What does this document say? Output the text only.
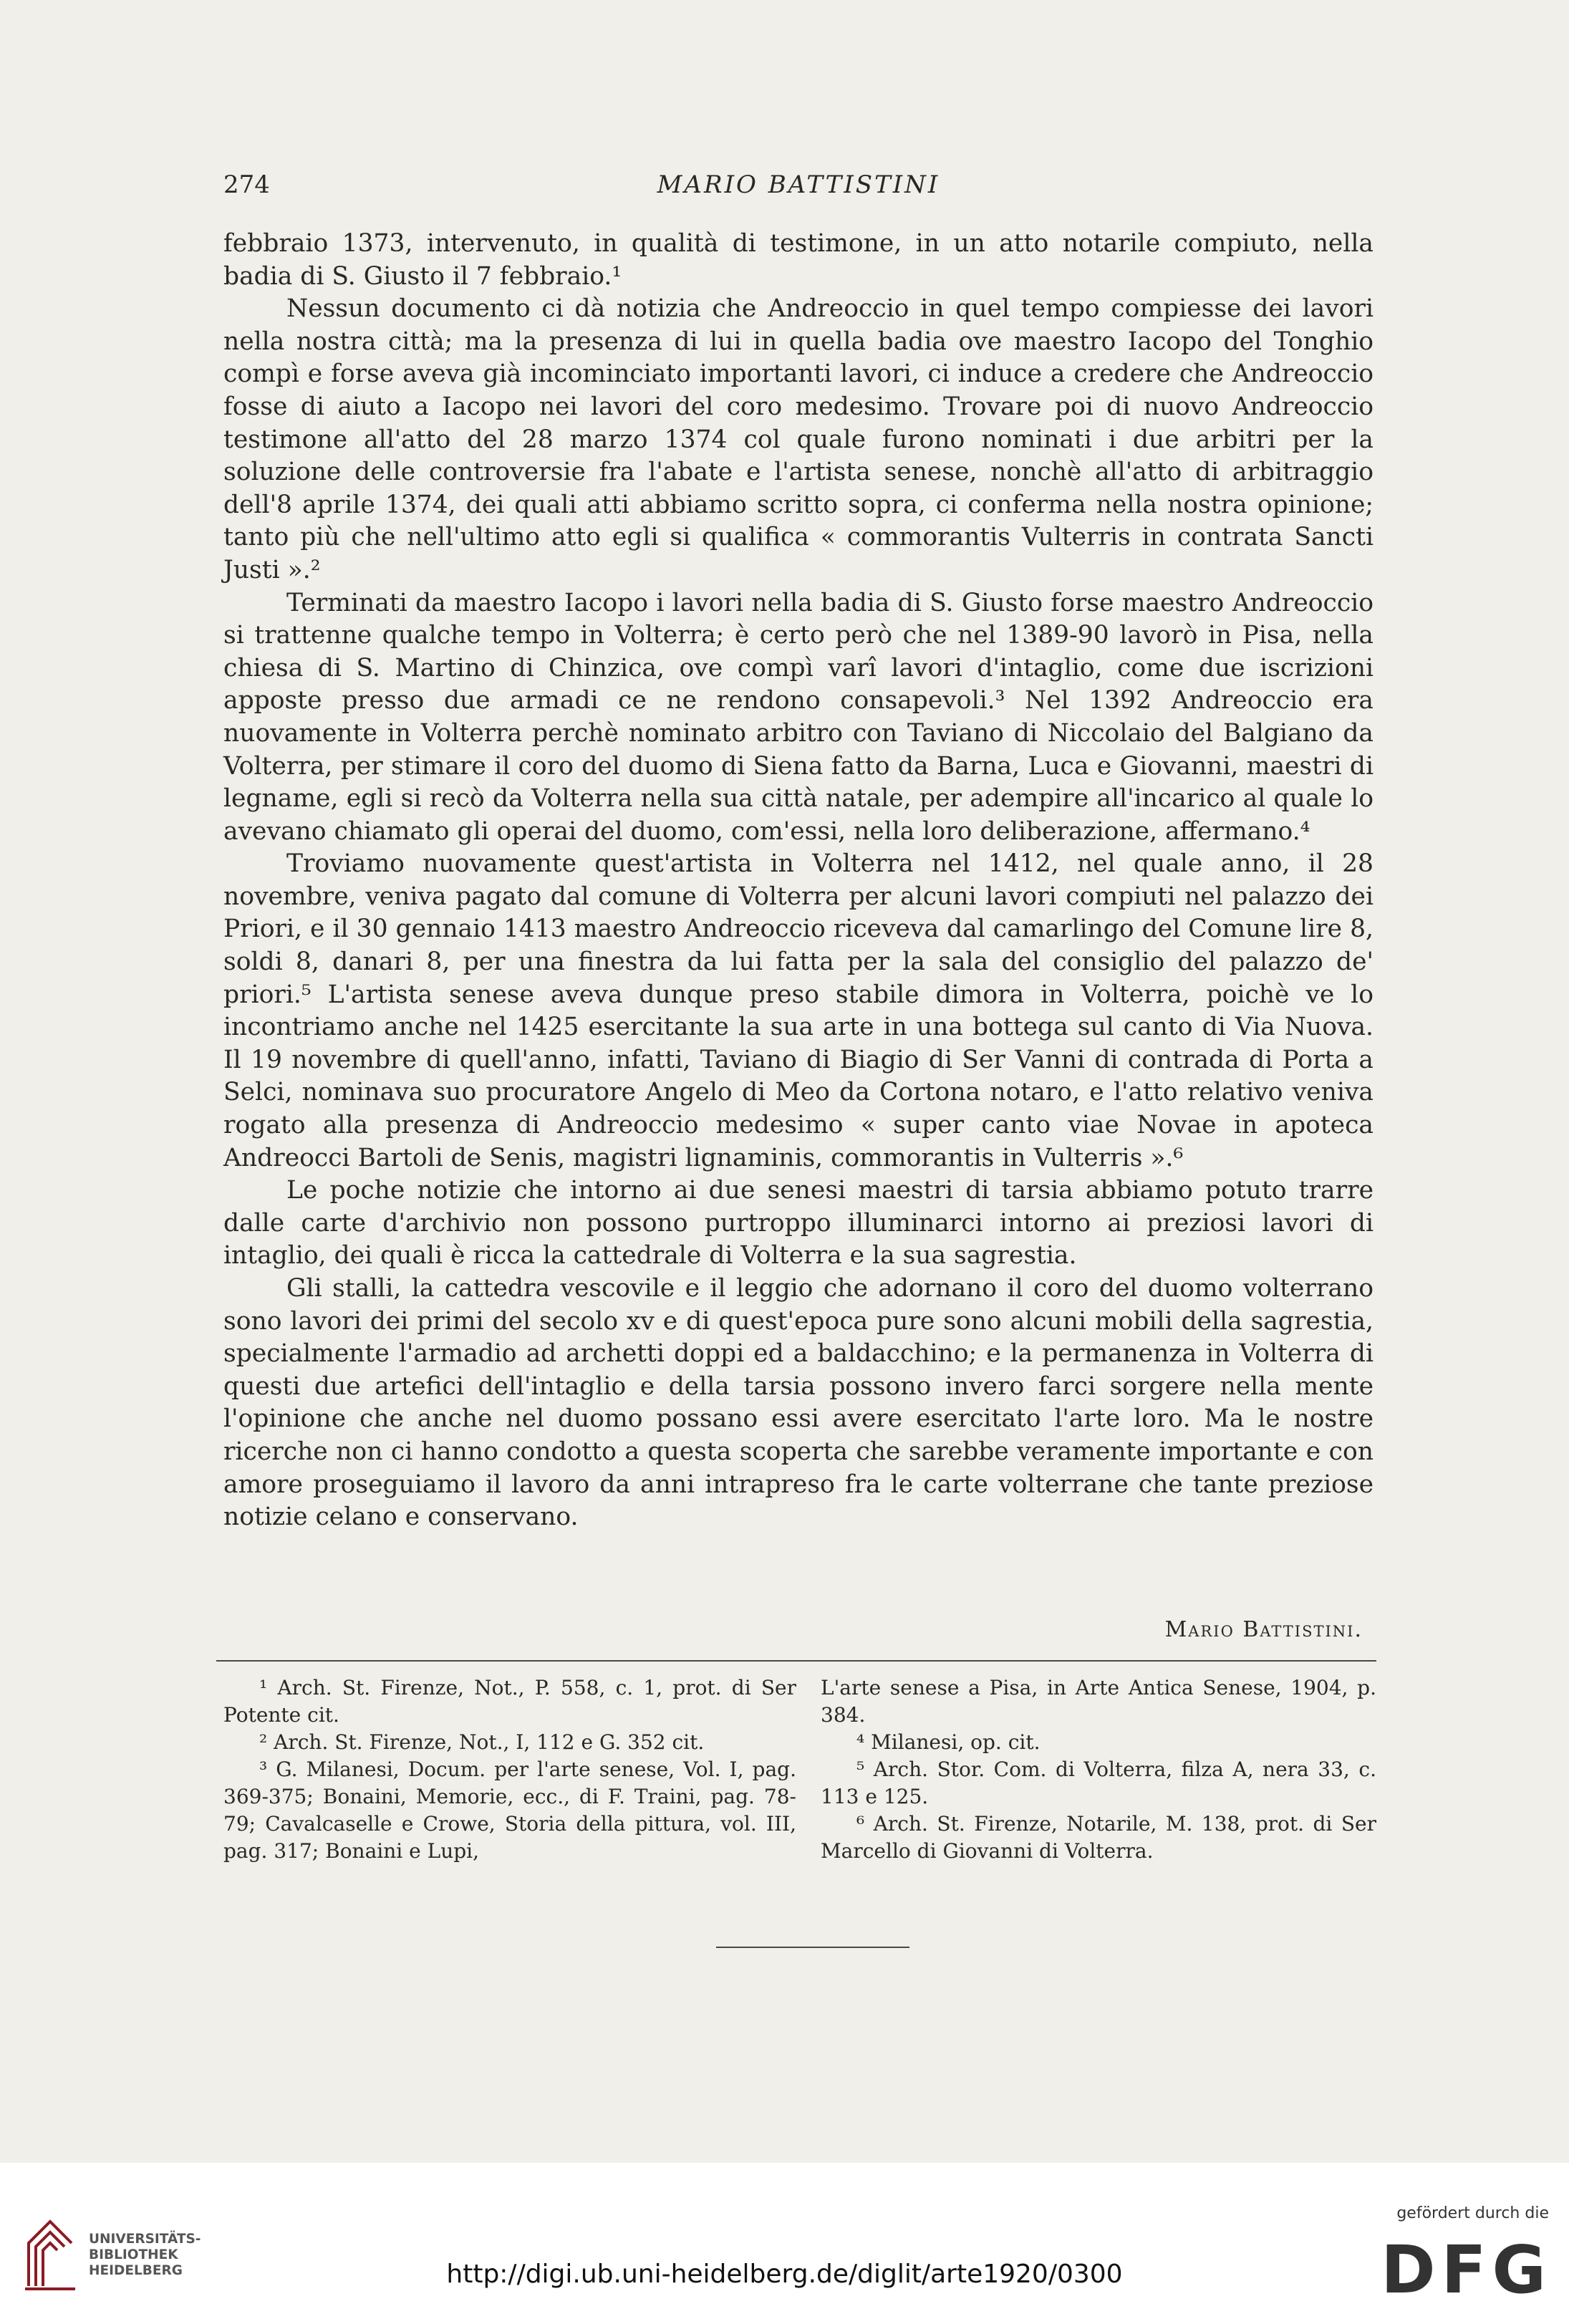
274	MARIO BATTISTINI

febbraio 1373, intervenuto, in qualità di testimone, in un atto notarile compiuto, nella badia di S. Giusto il 7 febbraio.¹

Nessun documento ci dà notizia che Andreoccio in quel tempo compiesse dei lavori nella nostra città; ma la presenza di lui in quella badia ove maestro Iacopo del Tonghio compì e forse aveva già incominciato importanti lavori, ci induce a credere che Andreoccio fosse di aiuto a Iacopo nei lavori del coro medesimo. Trovare poi di nuovo Andreoccio testimone all'atto del 28 marzo 1374 col quale furono nominati i due arbitri per la soluzione delle controversie fra l'abate e l'artista senese, nonchè all'atto di arbitraggio dell'8 aprile 1374, dei quali atti abbiamo scritto sopra, ci conferma nella nostra opinione; tanto più che nell'ultimo atto egli si qualifica « commorantis Vulterris in contrata Sancti Justi ».²

Terminati da maestro Iacopo i lavori nella badia di S. Giusto forse maestro Andreoccio si trattenne qualche tempo in Volterra; è certo però che nel 1389-90 lavorò in Pisa, nella chiesa di S. Martino di Chinzica, ove compì varî lavori d'intaglio, come due iscrizioni apposte presso due armadi ce ne rendono consapevoli.³ Nel 1392 Andreoccio era nuovamente in Volterra perchè nominato arbitro con Taviano di Niccolaio del Balgiano da Volterra, per stimare il coro del duomo di Siena fatto da Barna, Luca e Giovanni, maestri di legname, egli si recò da Volterra nella sua città natale, per adempire all'incarico al quale lo avevano chiamato gli operai del duomo, com'essi, nella loro deliberazione, affermano.⁴

Troviamo nuovamente quest'artista in Volterra nel 1412, nel quale anno, il 28 novembre, veniva pagato dal comune di Volterra per alcuni lavori compiuti nel palazzo dei Priori, e il 30 gennaio 1413 maestro Andreoccio riceveva dal camarlingo del Comune lire 8, soldi 8, danari 8, per una finestra da lui fatta per la sala del consiglio del palazzo de' priori.⁵ L'artista senese aveva dunque preso stabile dimora in Volterra, poichè ve lo incontriamo anche nel 1425 esercitante la sua arte in una bottega sul canto di Via Nuova. Il 19 novembre di quell'anno, infatti, Taviano di Biagio di Ser Vanni di contrada di Porta a Selci, nominava suo procuratore Angelo di Meo da Cortona notaro, e l'atto relativo veniva rogato alla presenza di Andreoccio medesimo « super canto viae Novae in apoteca Andreocci Bartoli de Senis, magistri lignaminis, commorantis in Vulterris ».⁶

Le poche notizie che intorno ai due senesi maestri di tarsia abbiamo potuto trarre dalle carte d'archivio non possono purtroppo illuminarci intorno ai preziosi lavori di intaglio, dei quali è ricca la cattedrale di Volterra e la sua sagrestia.

Gli stalli, la cattedra vescovile e il leggio che adornano il coro del duomo volterrano sono lavori dei primi del secolo xv e di quest'epoca pure sono alcuni mobili della sagrestia, specialmente l'armadio ad archetti doppi ed a baldacchino; e la permanenza in Volterra di questi due artefici dell'intaglio e della tarsia possono invero farci sorgere nella mente l'opinione che anche nel duomo possano essi avere esercitato l'arte loro. Ma le nostre ricerche non ci hanno condotto a questa scoperta che sarebbe veramente importante e con amore proseguiamo il lavoro da anni intrapreso fra le carte volterrane che tante preziose notizie celano e conservano.

Mario Battistini.

¹ Arch. St. Firenze, Not., P. 558, c. 1, prot. di Ser Potente cit.

² Arch. St. Firenze, Not., I, 112 e G. 352 cit.

³ G. Milanesi, Docum. per l'arte senese, Vol. I, pag. 369-375; Bonaini, Memorie, ecc., di F. Traini, pag. 78-79; Cavalcaselle e Crowe, Storia della pittura, vol. III, pag. 317; Bonaini e Lupi,

L'arte senese a Pisa, in Arte Antica Senese, 1904, p. 384.

⁴ Milanesi, op. cit.

⁵ Arch. Stor. Com. di Volterra, filza A, nera 33, c. 113 e 125.

⁶ Arch. St. Firenze, Notarile, M. 138, prot. di Ser Marcello di Giovanni di Volterra.

UNIVERSITÄTS-
BIBLIOTHEK
HEIDELBERG	http://digi.ub.uni-heidelberg.de/diglit/arte1920/0300
gefördert durch die
DFG
